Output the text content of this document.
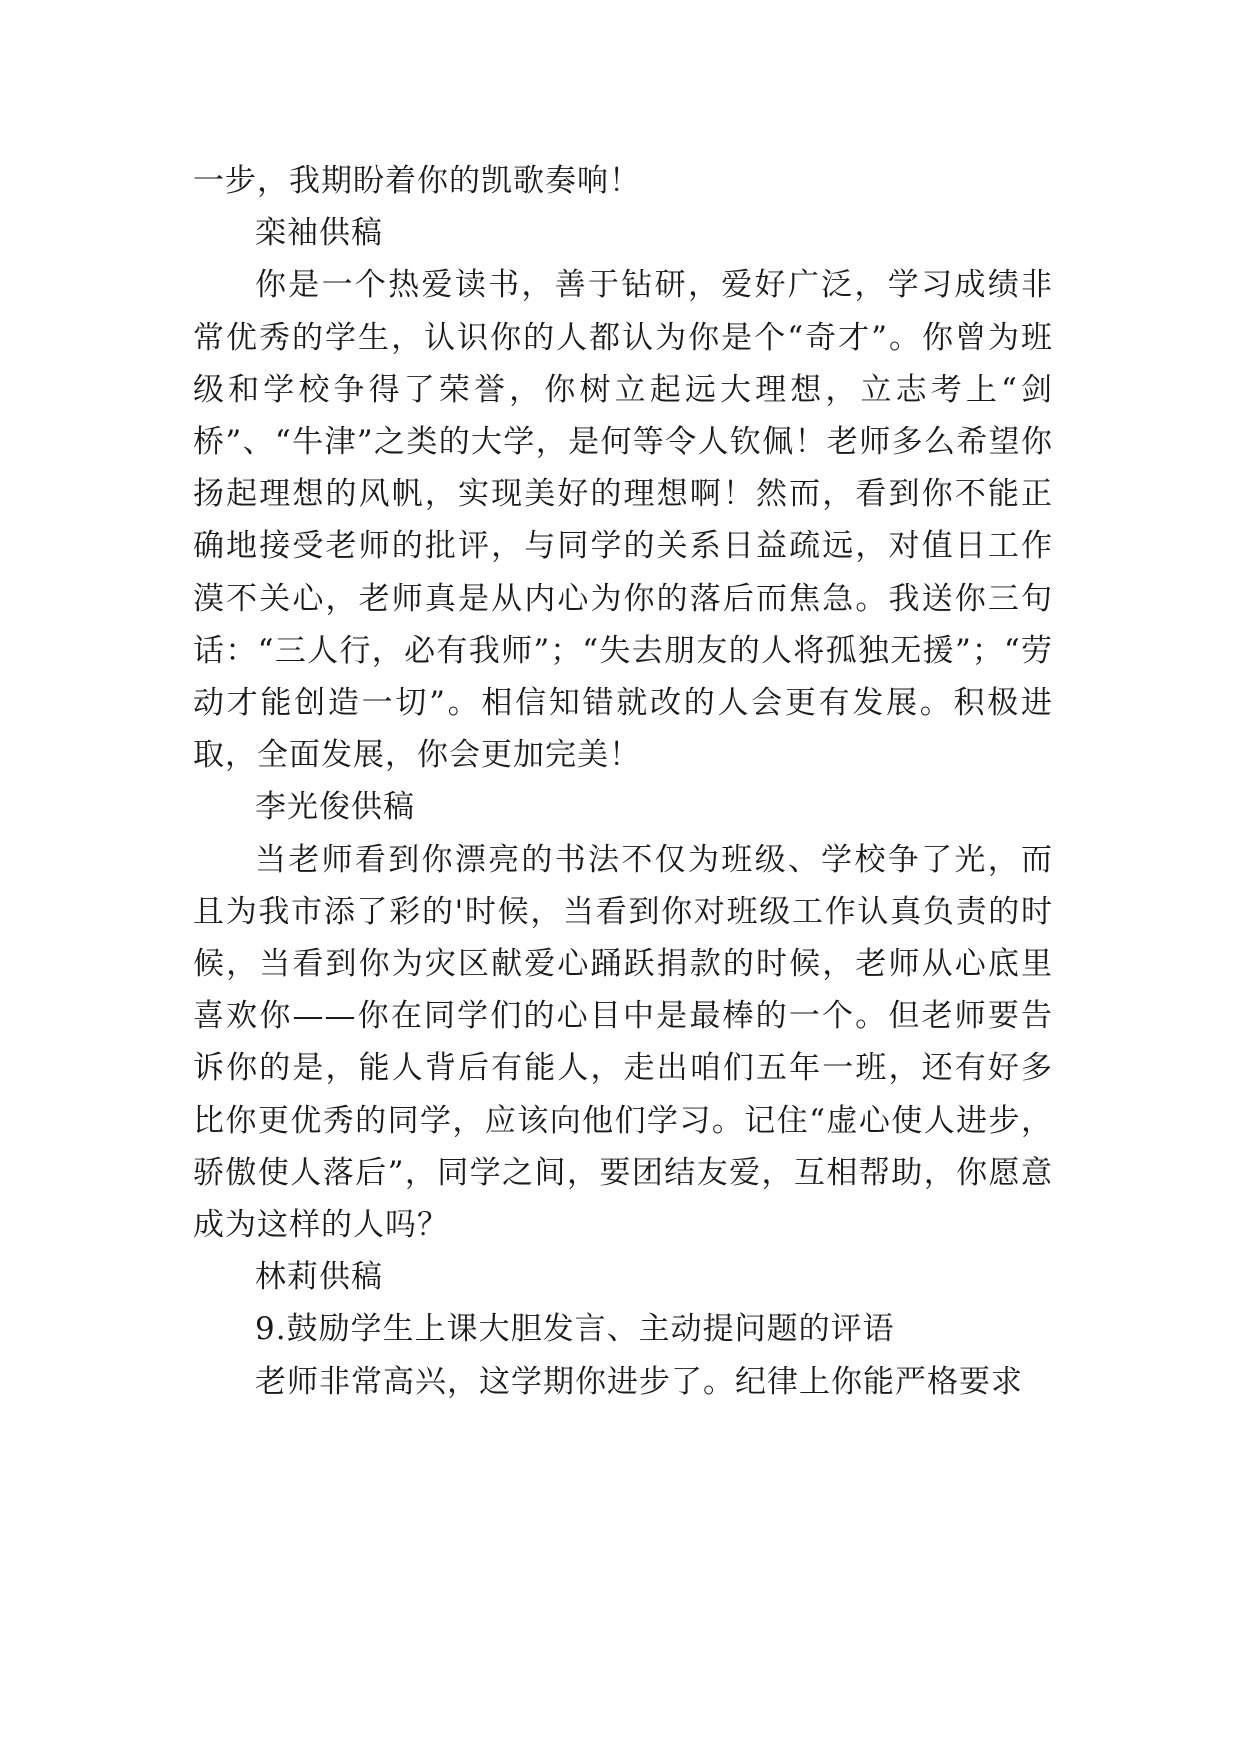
一步，我期盼着你的凯歌奏响！

栾袖供稿

你是一个热爱读书，善于钻研，爱好广泛，学习成绩非常优秀的学生，认识你的人都认为你是个“奇才”。你曾为班级和学校争得了荣誉，你树立起远大理想，立志考上“剑桥”、“牛津”之类的大学，是何等令人钦佩！老师多么希望你扬起理想的风帆，实现美好的理想啊！然而，看到你不能正确地接受老师的批评，与同学的关系日益疏远，对值日工作漠不关心，老师真是从内心为你的落后而焦急。我送你三句话：“三人行，必有我师”；“失去朋友的人将孤独无援”；“劳动才能创造一切”。相信知错就改的人会更有发展。积极进取，全面发展，你会更加完美！

李光俊供稿

当老师看到你漂亮的书法不仅为班级、学校争了光，而且为我市添了彩的'时候，当看到你对班级工作认真负责的时候，当看到你为灾区献爱心踊跃捐款的时候，老师从心底里喜欢你——你在同学们的心目中是最棒的一个。但老师要告诉你的是，能人背后有能人，走出咱们五年一班，还有好多比你更优秀的同学，应该向他们学习。记住“虚心使人进步，骄傲使人落后”，同学之间，要团结友爱，互相帮助，你愿意成为这样的人吗？

林莉供稿

9.鼓励学生上课大胆发言、主动提问题的评语

老师非常高兴，这学期你进步了。纪律上你能严格要求
